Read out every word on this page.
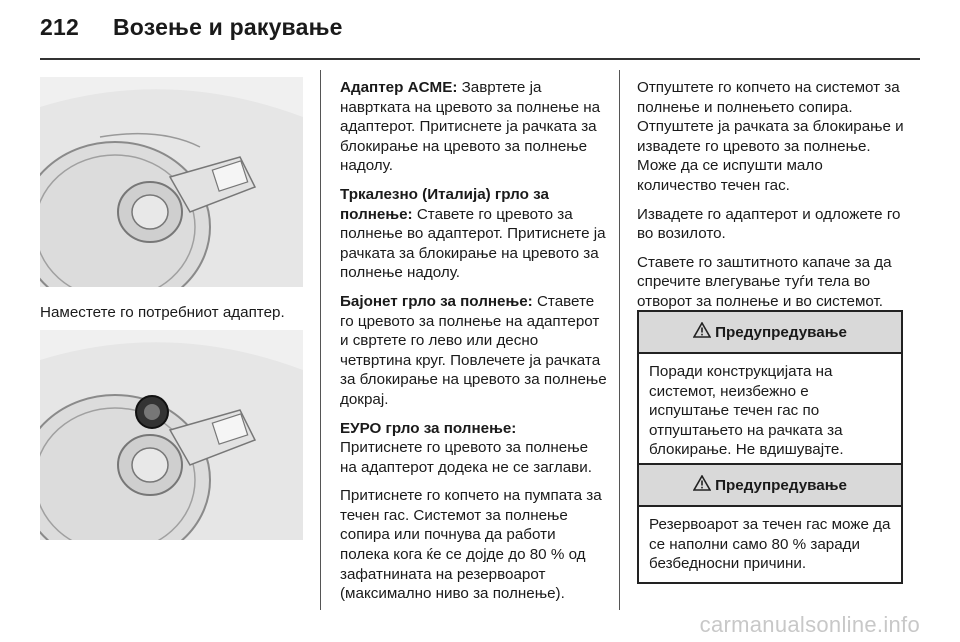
212 Возење и ракување
Наместете го потребниот адаптер.

Адаптер ACME: Завртете ја навртката на цревото за полнење на адаптерот. Притиснете ја рачката за блокирање на цревото за полнење надолу.

Тркалезно (Италија) грло за полнење: Ставете го цревото за полнење во адаптерот. Притиснете ја рачката за блокирање на цревото за полнење надолу.

Бајонет грло за полнење: Ставете го цревото за полнење на адаптерот и свртете го лево или десно четвртина круг. Повлечете ја рачката за блокирање на цревото за полнење докрај.

ЕУРО грло за полнење:
Притиснете го цревото за полнење на адаптерот додека не се заглави.

Притиснете го копчето на пумпата за течен гас. Системот за полнење сопира или почнува да работи полека кога ќе се дојде до 80 % од зафатнината на резервоарот (максимално ниво за полнење).

Отпуштете го копчето на системот за полнење и полнењето сопира. Отпуштете ја рачката за блокирање и извадете го цревото за полнење. Може да се испушти мало количество течен гас.

Извадете го адаптерот и одложете го во возилото.

Ставете го заштитното капаче за да спречите влегување туѓи тела во отворот за полнење и во системот.

Предупредување
Поради конструкцијата на системот, неизбежно е испуштање течен гас по отпуштањето на рачката за блокирање. Не вдишувајте.
Предупредување
Резервоарот за течен гас може да се наполни само 80 % заради безбедносни причини.
carmanualsonline.info
